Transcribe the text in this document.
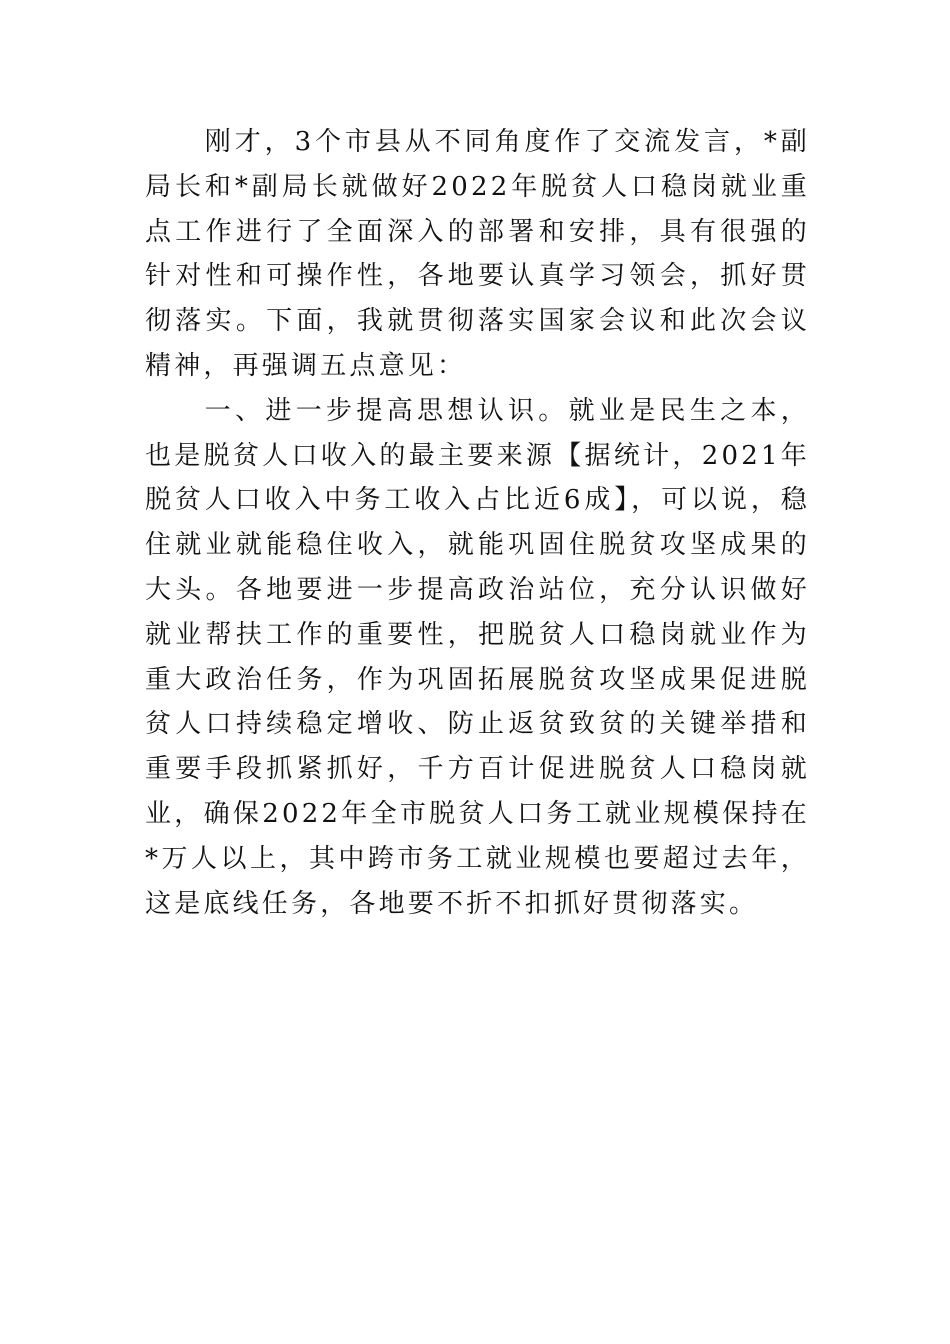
刚才，3个市县从不同角度作了交流发言，*副局长和*副局长就做好2022年脱贫人口稳岗就业重点工作进行了全面深入的部署和安排，具有很强的针对性和可操作性，各地要认真学习领会，抓好贯彻落实。下面，我就贯彻落实国家会议和此次会议精神，再强调五点意见：

一、进一步提高思想认识。就业是民生之本，也是脱贫人口收入的最主要来源【据统计，2021年脱贫人口收入中务工收入占比近6成】，可以说，稳住就业就能稳住收入，就能巩固住脱贫攻坚成果的大头。各地要进一步提高政治站位，充分认识做好就业帮扶工作的重要性，把脱贫人口稳岗就业作为重大政治任务，作为巩固拓展脱贫攻坚成果促进脱贫人口持续稳定增收、防止返贫致贫的关键举措和重要手段抓紧抓好，千方百计促进脱贫人口稳岗就业，确保2022年全市脱贫人口务工就业规模保持在*万人以上，其中跨市务工就业规模也要超过去年，这是底线任务，各地要不折不扣抓好贯彻落实。
